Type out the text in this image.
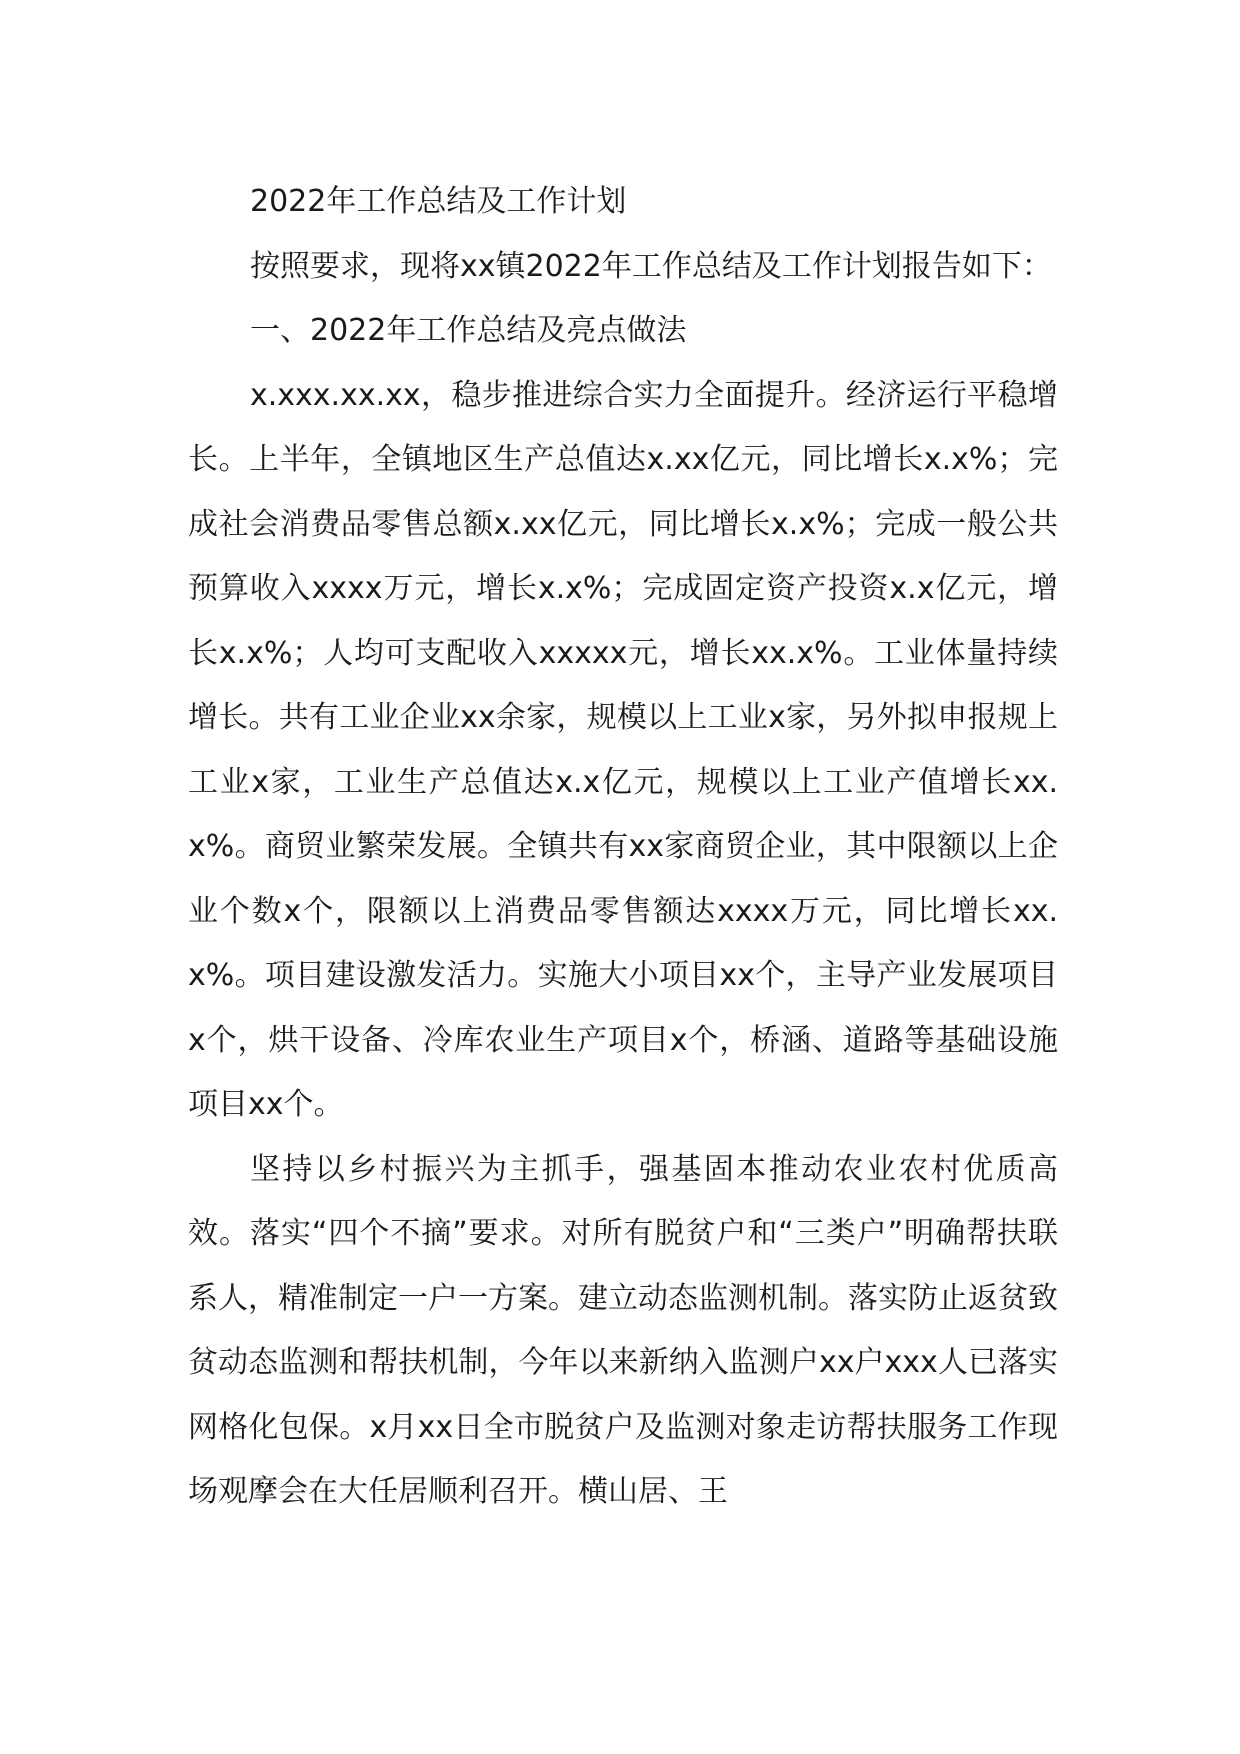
2022年工作总结及工作计划

按照要求，现将xx镇2022年工作总结及工作计划报告如下：

一、2022年工作总结及亮点做法

x.xxx.xx.xx，稳步推进综合实力全面提升。经济运行平稳增长。上半年，全镇地区生产总值达x.xx亿元，同比增长x.x%；完成社会消费品零售总额x.xx亿元，同比增长x.x%；完成一般公共预算收入xxxx万元，增长x.x%；完成固定资产投资x.x亿元，增长x.x%；人均可支配收入xxxxx元，增长xx.x%。工业体量持续增长。共有工业企业xx余家，规模以上工业x家，另外拟申报规上工业x家，工业生产总值达x.x亿元，规模以上工业产值增长xx.x%。商贸业繁荣发展。全镇共有xx家商贸企业，其中限额以上企业个数x个，限额以上消费品零售额达xxxx万元，同比增长xx.x%。项目建设激发活力。实施大小项目xx个，主导产业发展项目x个，烘干设备、冷库农业生产项目x个，桥涵、道路等基础设施项目xx个。

坚持以乡村振兴为主抓手，强基固本推动农业农村优质高效。落实“四个不摘”要求。对所有脱贫户和“三类户”明确帮扶联系人，精准制定一户一方案。建立动态监测机制。落实防止返贫致贫动态监测和帮扶机制，今年以来新纳入监测户xx户xxx人已落实网格化包保。x月xx日全市脱贫户及监测对象走访帮扶服务工作现场观摩会在大任居顺利召开。横山居、王
